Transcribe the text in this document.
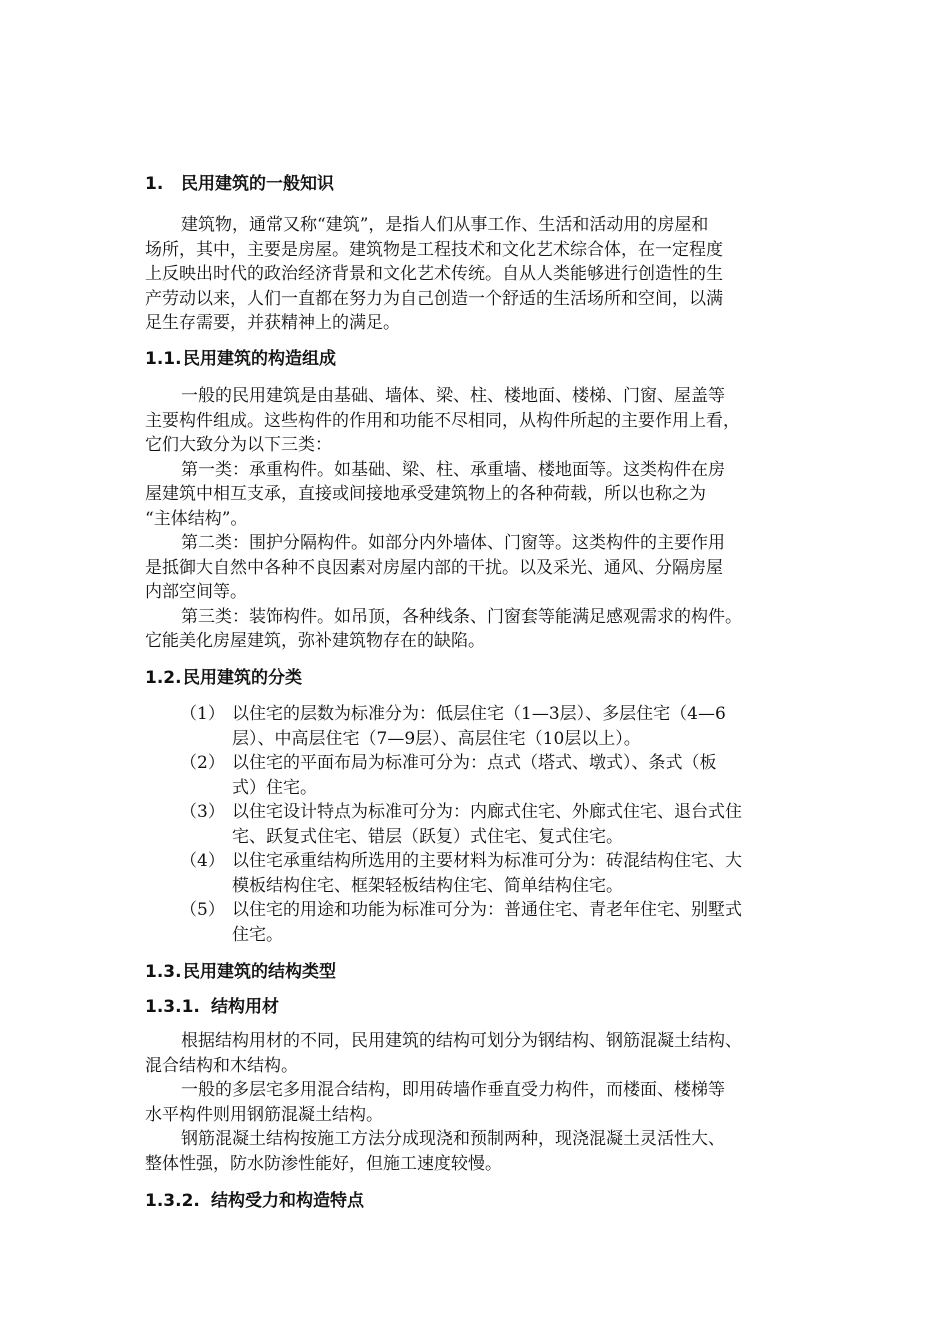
1. 民用建筑的一般知识
建筑物，通常又称“建筑”，是指人们从事工作、生活和活动用的房屋和
场所，其中，主要是房屋。建筑物是工程技术和文化艺术综合体，在一定程度
上反映出时代的政治经济背景和文化艺术传统。自从人类能够进行创造性的生
产劳动以来，人们一直都在努力为自己创造一个舒适的生活场所和空间，以满
足生存需要，并获精神上的满足。
1.1.民用建筑的构造组成
一般的民用建筑是由基础、墙体、梁、柱、楼地面、楼梯、门窗、屋盖等
主要构件组成。这些构件的作用和功能不尽相同，从构件所起的主要作用上看，
它们大致分为以下三类：
第一类：承重构件。如基础、梁、柱、承重墙、楼地面等。这类构件在房
屋建筑中相互支承，直接或间接地承受建筑物上的各种荷载，所以也称之为
“主体结构”。
第二类：围护分隔构件。如部分内外墙体、门窗等。这类构件的主要作用
是抵御大自然中各种不良因素对房屋内部的干扰。以及采光、通风、分隔房屋
内部空间等。
第三类：装饰构件。如吊顶，各种线条、门窗套等能满足感观需求的构件。
它能美化房屋建筑，弥补建筑物存在的缺陷。
1.2.民用建筑的分类
（1） 以住宅的层数为标准分为：低层住宅（1—3层）、多层住宅（4—6
层）、中高层住宅（7—9层）、高层住宅（10层以上）。
（2） 以住宅的平面布局为标准可分为：点式（塔式、墩式）、条式（板
式）住宅。
（3） 以住宅设计特点为标准可分为：内廊式住宅、外廊式住宅、退台式住
宅、跃复式住宅、错层（跃复）式住宅、复式住宅。
（4） 以住宅承重结构所选用的主要材料为标准可分为：砖混结构住宅、大
模板结构住宅、框架轻板结构住宅、简单结构住宅。
（5） 以住宅的用途和功能为标准可分为：普通住宅、青老年住宅、别墅式
住宅。
1.3.民用建筑的结构类型
1.3.1. 结构用材
根据结构用材的不同，民用建筑的结构可划分为钢结构、钢筋混凝土结构、
混合结构和木结构。
一般的多层宅多用混合结构，即用砖墙作垂直受力构件，而楼面、楼梯等
水平构件则用钢筋混凝土结构。
钢筋混凝土结构按施工方法分成现浇和预制两种，现浇混凝土灵活性大、
整体性强，防水防渗性能好，但施工速度较慢。
1.3.2. 结构受力和构造特点
